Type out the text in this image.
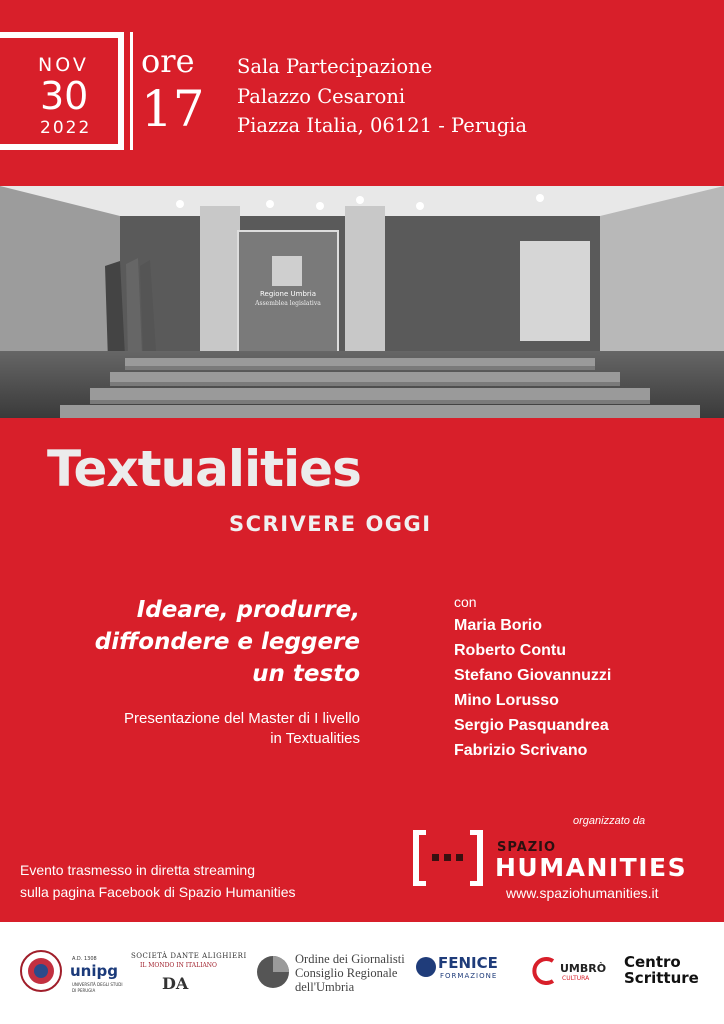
NOV
30
2022
ore
17
Sala Partecipazione
Palazzo Cesaroni
Piazza Italia, 06121 - Perugia
Regione Umbria
Assemblea legislativa
Textualities
SCRIVERE OGGI
Ideare, produrre,
diffondere e leggere
un testo
Presentazione del Master di I livello
in Textualities
con
Maria Borio
Roberto Contu
Stefano Giovannuzzi
Mino Lorusso
Sergio Pasquandrea
Fabrizio Scrivano
Evento trasmesso in diretta streaming
sulla pagina Facebook di Spazio Humanities
organizzato da
SPAZIO
HUMANITIES
www.spaziohumanities.it
A.D. 1308
unipg
UNIVERSITÀ DEGLI STUDI
DI PERUGIA
SOCIETÀ DANTE ALIGHIERI
IL MONDO IN ITALIANO
DA
Ordine dei Giornalisti
Consiglio Regionale
dell'Umbria
FENICE
FORMAZIONE
UMBRÒ
CULTURA
Centro
Scritture
